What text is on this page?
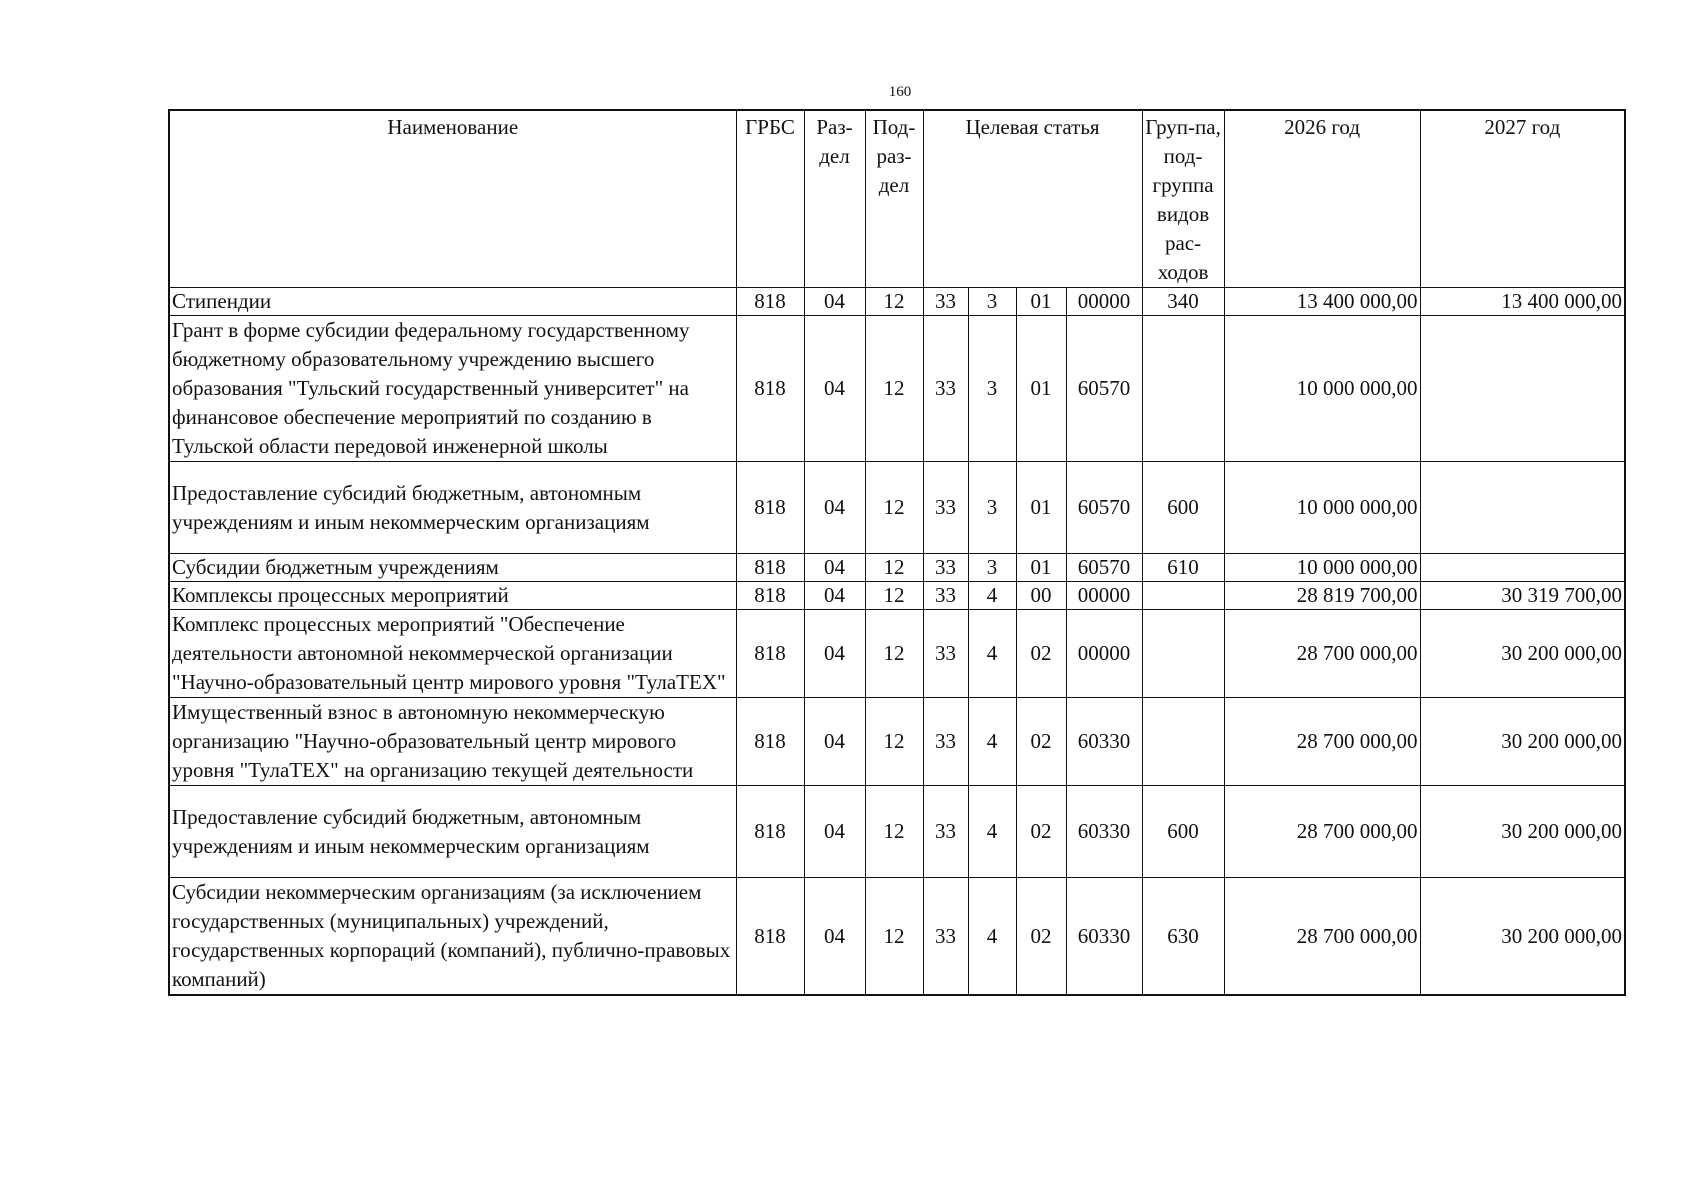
160
Наименование	ГРБС	Раз-дел	Под-раз-дел	Целевая статья				Груп-па, под-группа видов рас-ходов	2026 год	2027 год
Стипендии	818	04	12	33	3	01	00000	340	13 400 000,00	13 400 000,00
Грант в форме субсидии федеральному государственному бюджетному образовательному учреждению высшего образования "Тульский государственный университет" на финансовое обеспечение мероприятий по созданию в Тульской области передовой инженерной школы	818	04	12	33	3	01	60570		10 000 000,00	
Предоставление субсидий бюджетным, автономным учреждениям и иным некоммерческим организациям	818	04	12	33	3	01	60570	600	10 000 000,00	
Субсидии бюджетным учреждениям	818	04	12	33	3	01	60570	610	10 000 000,00	
Комплексы процессных мероприятий	818	04	12	33	4	00	00000		28 819 700,00	30 319 700,00
Комплекс процессных мероприятий "Обеспечение деятельности автономной некоммерческой организации "Научно-образовательный центр мирового уровня "ТулаТЕХ"	818	04	12	33	4	02	00000		28 700 000,00	30 200 000,00
Имущественный взнос в автономную некоммерческую организацию "Научно-образовательный центр мирового уровня "ТулаТЕХ" на организацию текущей деятельности	818	04	12	33	4	02	60330		28 700 000,00	30 200 000,00
Предоставление субсидий бюджетным, автономным учреждениям и иным некоммерческим организациям	818	04	12	33	4	02	60330	600	28 700 000,00	30 200 000,00
Субсидии некоммерческим организациям (за исключением государственных (муниципальных) учреждений, государственных корпораций (компаний), публично-правовых компаний)	818	04	12	33	4	02	60330	630	28 700 000,00	30 200 000,00
